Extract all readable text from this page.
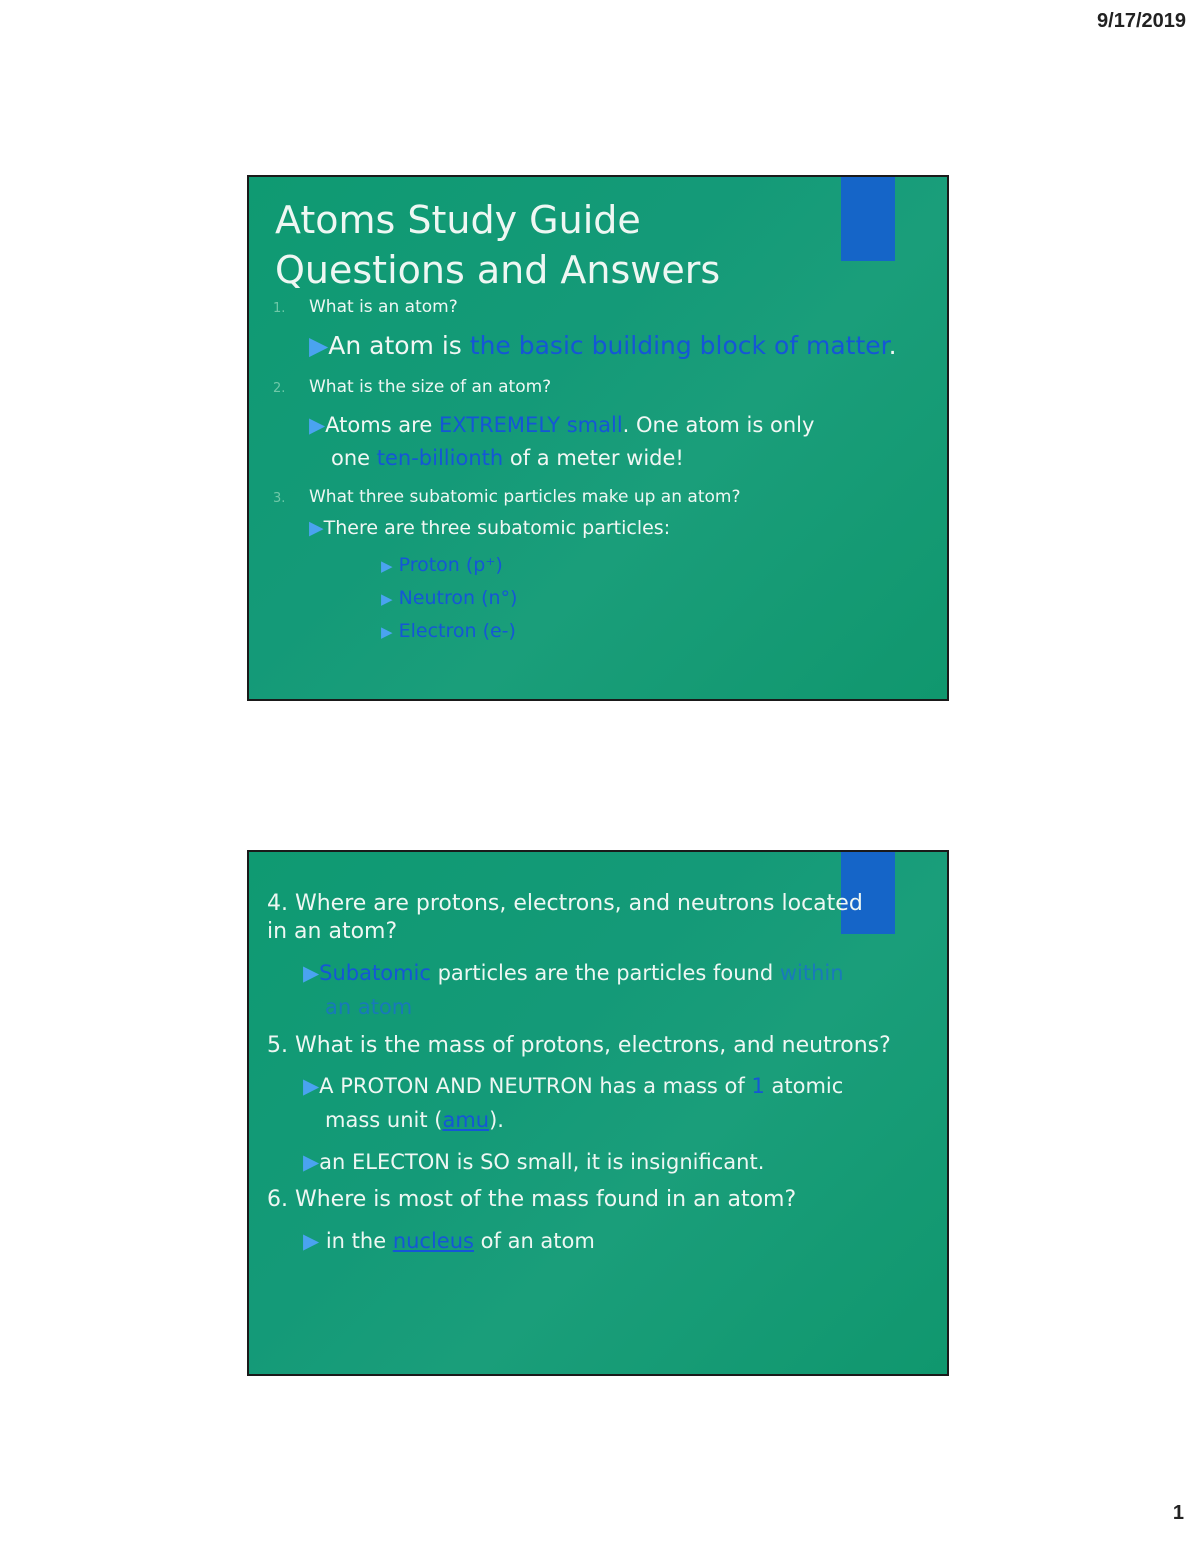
9/17/2019
Atoms Study Guide
Questions and Answers
1. What is an atom?
▶An atom is the basic building block of matter.
2. What is the size of an atom?
▶Atoms are EXTREMELY small. One atom is only
one ten-billionth of a meter wide!
3. What three subatomic particles make up an atom?
▶There are three subatomic particles:
▶ Proton (p⁺)
▶ Neutron (n°)
▶ Electron (e-)
4. Where are protons, electrons, and neutrons located
in an atom?
▶Subatomic particles are the particles found within
an atom
5. What is the mass of protons, electrons, and neutrons?
▶A PROTON AND NEUTRON has a mass of 1 atomic
mass unit (amu).
▶an ELECTON is SO small, it is insignificant.
6. Where is most of the mass found in an atom?
▶ in the nucleus of an atom
1
